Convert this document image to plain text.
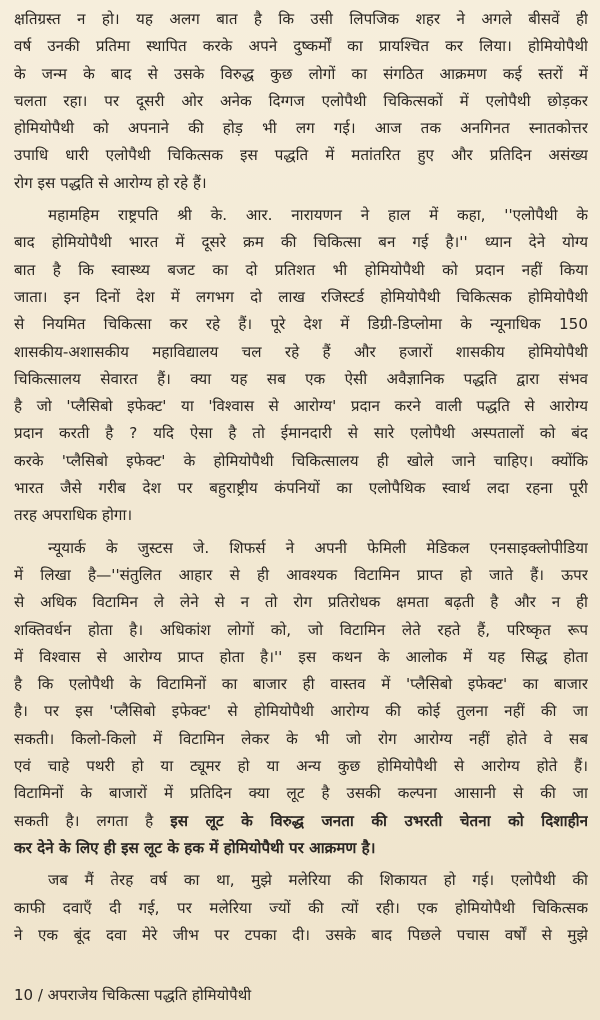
क्षतिग्रस्त न हो। यह अलग बात है कि उसी लिपजिक शहर ने अगले बीसवें ही
वर्ष उनकी प्रतिमा स्थापित करके अपने दुष्कर्मों का प्रायश्चित कर लिया। होमियोपैथी
के जन्म के बाद से उसके विरुद्ध कुछ लोगों का संगठित आक्रमण कई स्तरों में
चलता रहा। पर दूसरी ओर अनेक दिग्गज एलोपैथी चिकित्सकों में एलोपैथी छोड़कर
होमियोपैथी को अपनाने की होड़ भी लग गई। आज तक अनगिनत स्नातकोत्तर
उपाधि धारी एलोपैथी चिकित्सक इस पद्धति में मतांतरित हुए और प्रतिदिन असंख्य
रोग इस पद्धति से आरोग्य हो रहे हैं।
महामहिम राष्ट्रपति श्री के. आर. नारायणन ने हाल में कहा, ''एलोपैथी के
बाद होमियोपैथी भारत में दूसरे क्रम की चिकित्सा बन गई है।'' ध्यान देने योग्य
बात है कि स्वास्थ्य बजट का दो प्रतिशत भी होमियोपैथी को प्रदान नहीं किया
जाता। इन दिनों देश में लगभग दो लाख रजिस्टर्ड होमियोपैथी चिकित्सक होमियोपैथी
से नियमित चिकित्सा कर रहे हैं। पूरे देश में डिग्री-डिप्लोमा के न्यूनाधिक 150
शासकीय-अशासकीय महाविद्यालय चल रहे हैं और हजारों शासकीय होमियोपैथी
चिकित्सालय सेवारत हैं। क्या यह सब एक ऐसी अवैज्ञानिक पद्धति द्वारा संभव
है जो 'प्लैसिबो इफेक्ट' या 'विश्वास से आरोग्य' प्रदान करने वाली पद्धति से आरोग्य
प्रदान करती है ? यदि ऐसा है तो ईमानदारी से सारे एलोपैथी अस्पतालों को बंद
करके 'प्लैसिबो इफेक्ट' के होमियोपैथी चिकित्सालय ही खोले जाने चाहिए। क्योंकि
भारत जैसे गरीब देश पर बहुराष्ट्रीय कंपनियों का एलोपैथिक स्वार्थ लदा रहना पूरी
तरह अपराधिक होगा।
न्यूयार्क के जुस्टस जे. शिफर्स ने अपनी फेमिली मेडिकल एनसाइक्लोपीडिया
में लिखा है—''संतुलित आहार से ही आवश्यक विटामिन प्राप्त हो जाते हैं। ऊपर
से अधिक विटामिन ले लेने से न तो रोग प्रतिरोधक क्षमता बढ़ती है और न ही
शक्तिवर्धन होता है। अधिकांश लोगों को, जो विटामिन लेते रहते हैं, परिष्कृत रूप
में विश्वास से आरोग्य प्राप्त होता है।'' इस कथन के आलोक में यह सिद्ध होता
है कि एलोपैथी के विटामिनों का बाजार ही वास्तव में 'प्लैसिबो इफेक्ट' का बाजार
है। पर इस 'प्लैसिबो इफेक्ट' से होमियोपैथी आरोग्य की कोई तुलना नहीं की जा
सकती। किलो-किलो में विटामिन लेकर के भी जो रोग आरोग्य नहीं होते वे सब
एवं चाहे पथरी हो या ट्यूमर हो या अन्य कुछ होमियोपैथी से आरोग्य होते हैं।
विटामिनों के बाजारों में प्रतिदिन क्या लूट है उसकी कल्पना आसानी से की जा
सकती है। लगता है इस लूट के विरुद्ध जनता की उभरती चेतना को दिशाहीन
कर देने के लिए ही इस लूट के हक में होमियोपैथी पर आक्रमण है।
जब मैं तेरह वर्ष का था, मुझे मलेरिया की शिकायत हो गई। एलोपैथी की
काफी दवाएँ दी गई, पर मलेरिया ज्यों की त्यों रही। एक होमियोपैथी चिकित्सक
ने एक बूंद दवा मेरे जीभ पर टपका दी। उसके बाद पिछले पचास वर्षों से मुझे
10 / अपराजेय चिकित्सा पद्धति होमियोपैथी
